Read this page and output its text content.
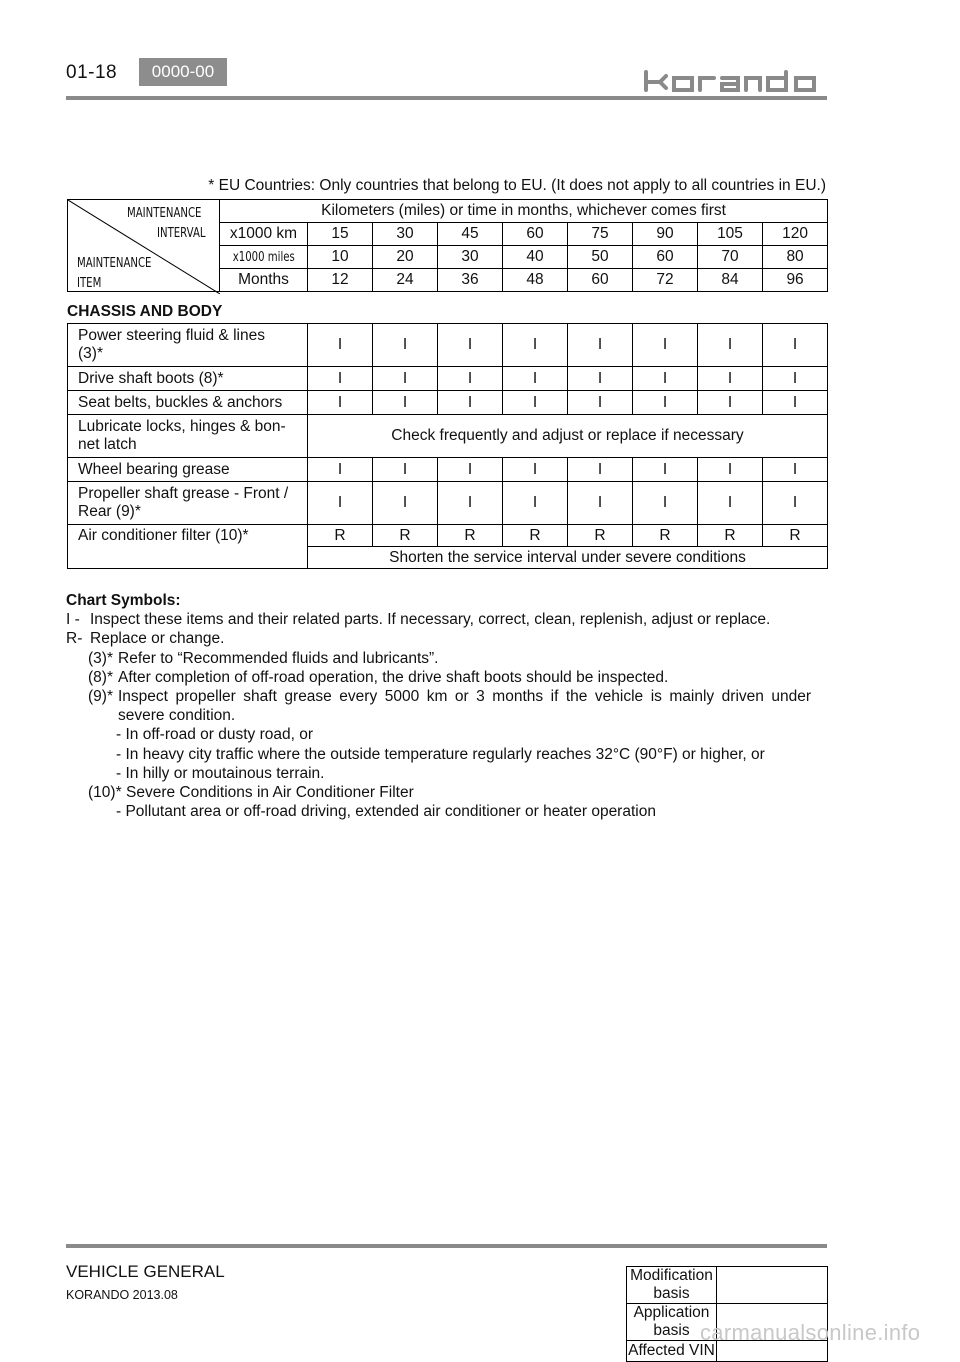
01-18	0000-00
* EU Countries: Only countries that belong to EU. (It does not apply to all countries in EU.)
MAINTENANCE
INTERVAL
MAINTENANCE
ITEM	Kilometers (miles) or time in months, whichever comes first								
	x1000 km	15	30	45	60	75	90	105	120
	x1000 miles	10	20	30	40	50	60	70	80
	Months	12	24	36	48	60	72	84	96
CHASSIS AND BODY
Power steering fluid & lines
(3)*	I	I	I	I	I	I	I	I
Drive shaft boots (8)*	I	I	I	I	I	I	I	I
Seat belts, buckles & anchors	I	I	I	I	I	I	I	I
Lubricate locks, hinges & bon-
net latch	Check frequently and adjust or replace if necessary							
Wheel bearing grease	I	I	I	I	I	I	I	I
Propeller shaft grease - Front /
Rear (9)*	I	I	I	I	I	I	I	I
Air conditioner filter (10)*	R	R	R	R	R	R	R	R
	Shorten the service interval under severe conditions							
Chart Symbols:
I - Inspect these items and their related parts. If necessary, correct, clean, replenish, adjust or replace.
R- Replace or change.
(3)* Refer to “Recommended fluids and lubricants”.
(8)* After completion of off-road operation, the drive shaft boots should be inspected.
(9)* Inspect propeller shaft grease every 5000 km or 3 months if the vehicle is mainly driven under
severe condition.
- In off-road or dusty road, or
- In heavy city traffic where the outside temperature regularly reaches 32°C (90°F) or higher, or
- In hilly or moutainous terrain.
(10)* Severe Conditions in Air Conditioner Filter
- Pollutant area or off-road driving, extended air conditioner or heater operation
VEHICLE GENERAL
KORANDO 2013.08
Modification basis	
Application basis	
Affected VIN	
carmanualsonline.info
